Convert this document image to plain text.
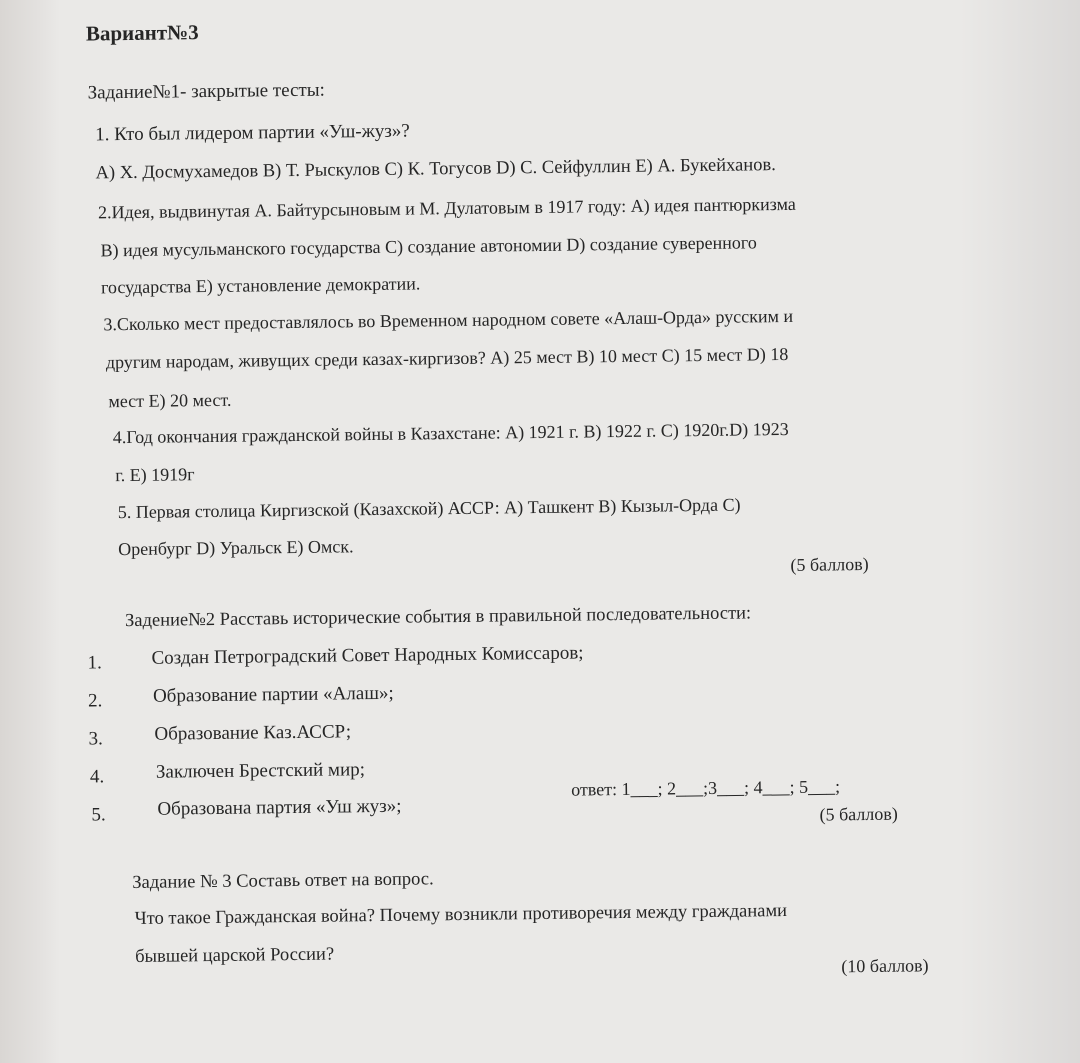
Вариант№3
Задание№1- закрытые тесты:
1. Кто был лидером партии «Уш-жуз»?
А) Х. Досмухамедов В) Т. Рыскулов С) К. Тогусов D) С. Сейфуллин Е) А. Букейханов.
2.Идея, выдвинутая А. Байтурсыновым и М. Дулатовым в 1917 году: А) идея пантюркизма
В) идея мусульманского государства С) создание автономии D) создание суверенного
государства Е) установление демократии.
3.Сколько мест предоставлялось во Временном народном совете «Алаш-Орда» русским и
другим народам, живущих среди казах-киргизов? А) 25 мест В) 10 мест С) 15 мест D) 18
мест Е) 20 мест.
4.Год окончания гражданской войны в Казахстане: А) 1921 г. В) 1922 г. С) 1920г.D) 1923
г. Е) 1919г
5. Первая столица Киргизской (Казахской) АССР: А) Ташкент В) Кызыл-Орда С)
Оренбург D) Уральск Е) Омск.
(5 баллов)
Задение№2 Расставь исторические события в правильной последовательности:
1.	Создан Петроградский Совет Народных Комиссаров;
2.	Образование партии «Алаш»;
3.	Образование Каз.АССР;
4.	Заключен Брестский мир;
5.	Образована партия «Уш жуз»;
ответ: 1___; 2___;3___; 4___; 5___;
(5 баллов)
Задание № 3 Составь ответ на вопрос.
Что такое Гражданская война? Почему возникли противоречия между гражданами
бывшей царской России?	(10 баллов)
